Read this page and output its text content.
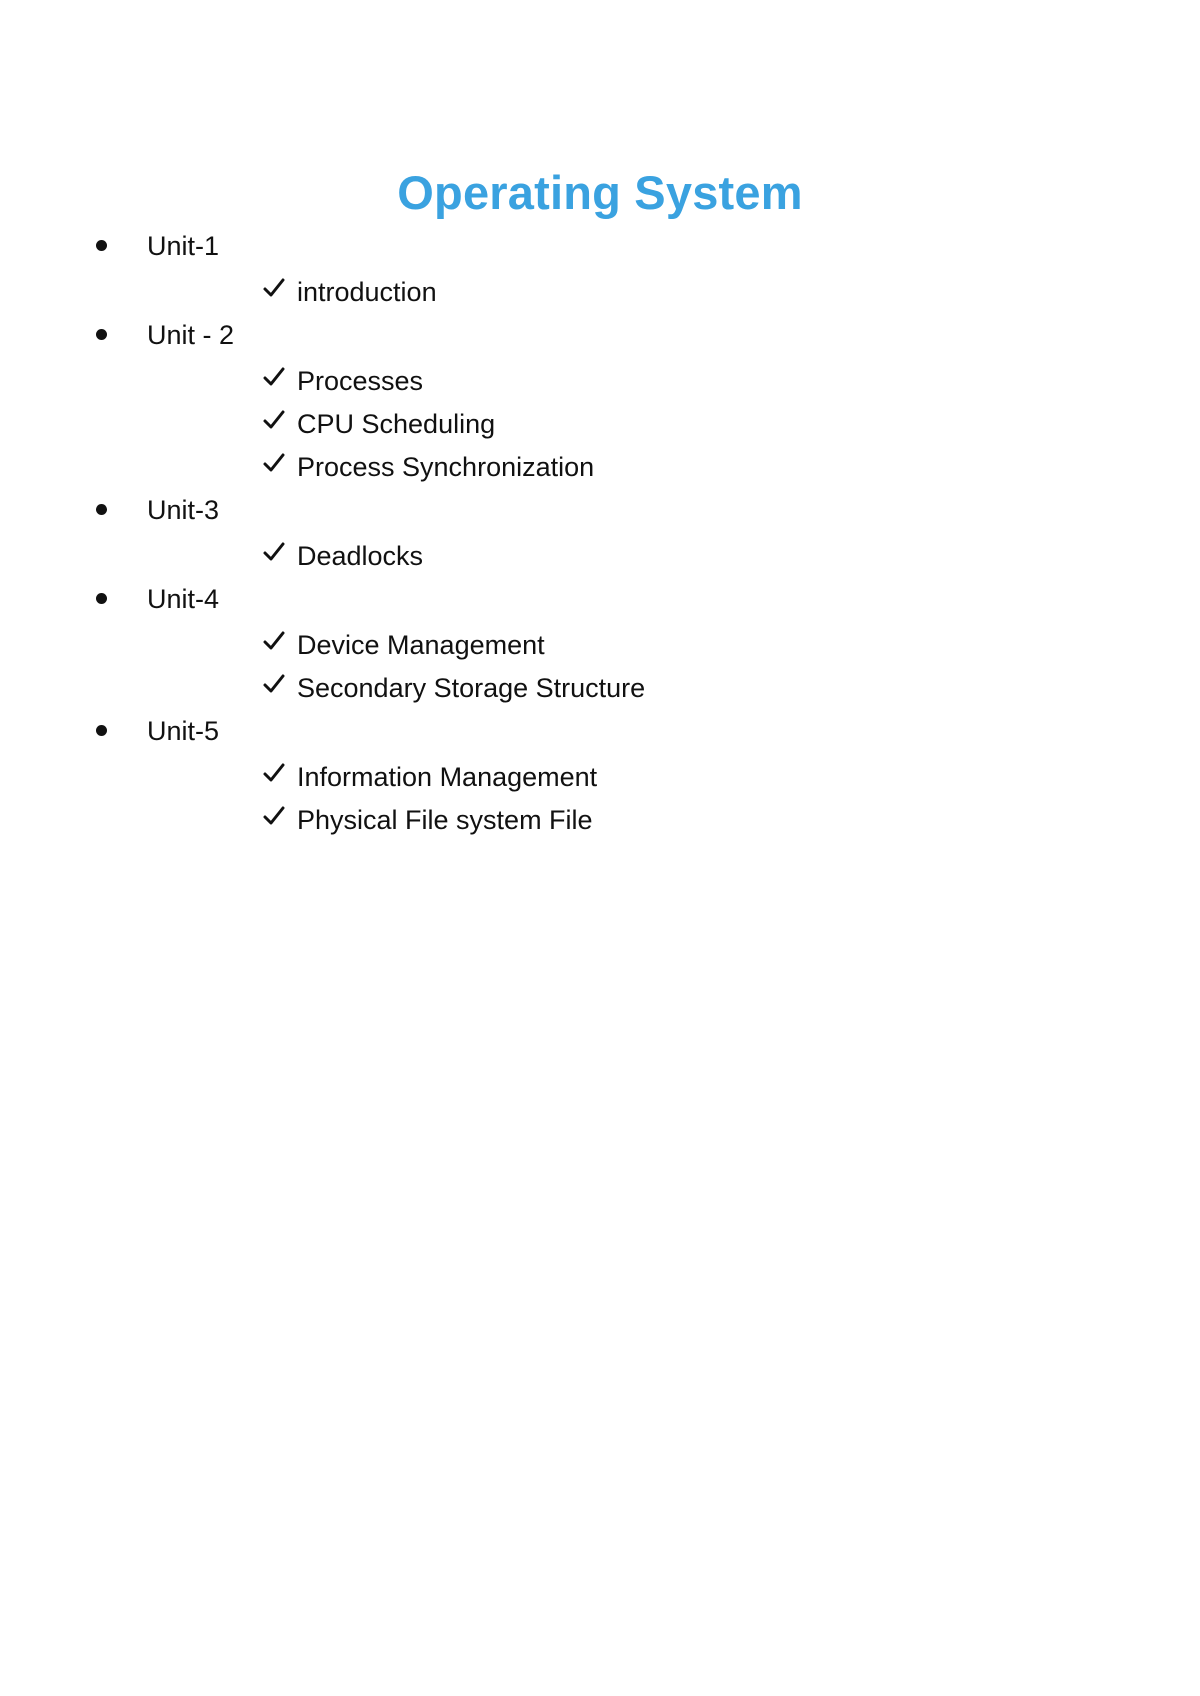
Operating System
Unit-1
introduction
Unit - 2
Processes
CPU Scheduling
Process Synchronization
Unit-3
Deadlocks
Unit-4
Device Management
Secondary Storage Structure
Unit-5
Information Management
Physical File system File
